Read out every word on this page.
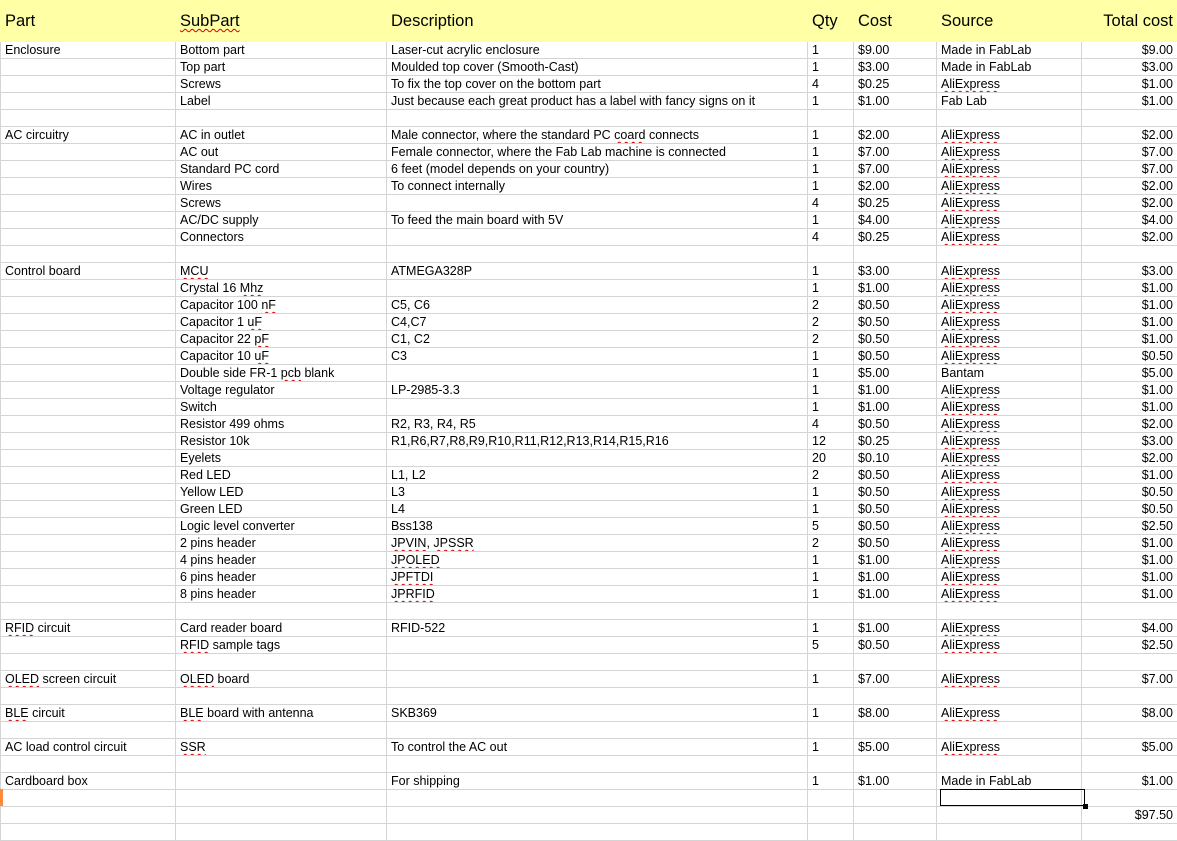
Part	SubPart	Description	Qty	Cost	Source	Total cost
Enclosure	Bottom part	Laser-cut acrylic enclosure	1	$9.00	Made in FabLab	$9.00
	Top part	Moulded top cover (Smooth-Cast)	1	$3.00	Made in FabLab	$3.00
	Screws	To fix the top cover on the bottom part	4	$0.25	AliExpress	$1.00
	Label	Just because each great product has a label with fancy signs on it	1	$1.00	Fab Lab	$1.00

AC circuitry	AC in outlet	Male connector, where the standard PC coard connects	1	$2.00	AliExpress	$2.00
	AC out	Female connector, where the Fab Lab machine is connected	1	$7.00	AliExpress	$7.00
	Standard PC cord	6 feet (model depends on your country)	1	$7.00	AliExpress	$7.00
	Wires	To connect internally	1	$2.00	AliExpress	$2.00
	Screws		4	$0.25	AliExpress	$2.00
	AC/DC supply	To feed the main board with 5V	1	$4.00	AliExpress	$4.00
	Connectors		4	$0.25	AliExpress	$2.00

Control board	MCU	ATMEGA328P	1	$3.00	AliExpress	$3.00
	Crystal 16 Mhz		1	$1.00	AliExpress	$1.00
	Capacitor 100 nF	C5, C6	2	$0.50	AliExpress	$1.00
	Capacitor 1 uF	C4,C7	2	$0.50	AliExpress	$1.00
	Capacitor 22 pF	C1, C2	2	$0.50	AliExpress	$1.00
	Capacitor 10 uF	C3	1	$0.50	AliExpress	$0.50
	Double side FR-1 pcb blank		1	$5.00	Bantam	$5.00
	Voltage regulator	LP-2985-3.3	1	$1.00	AliExpress	$1.00
	Switch		1	$1.00	AliExpress	$1.00
	Resistor 499 ohms	R2, R3, R4, R5	4	$0.50	AliExpress	$2.00
	Resistor 10k	R1,R6,R7,R8,R9,R10,R11,R12,R13,R14,R15,R16	12	$0.25	AliExpress	$3.00
	Eyelets		20	$0.10	AliExpress	$2.00
	Red LED	L1, L2	2	$0.50	AliExpress	$1.00
	Yellow LED	L3	1	$0.50	AliExpress	$0.50
	Green LED	L4	1	$0.50	AliExpress	$0.50
	Logic level converter	Bss138	5	$0.50	AliExpress	$2.50
	2 pins header	JPVIN, JPSSR	2	$0.50	AliExpress	$1.00
	4 pins header	JPOLED	1	$1.00	AliExpress	$1.00
	6 pins header	JPFTDI	1	$1.00	AliExpress	$1.00
	8 pins header	JPRFID	1	$1.00	AliExpress	$1.00

RFID circuit	Card reader board	RFID-522	1	$1.00	AliExpress	$4.00
	RFID sample tags		5	$0.50	AliExpress	$2.50

OLED screen circuit	OLED board		1	$7.00	AliExpress	$7.00

BLE circuit	BLE board with antenna	SKB369	1	$8.00	AliExpress	$8.00

AC load control circuit	SSR	To control the AC out	1	$5.00	AliExpress	$5.00

Cardboard box		For shipping	1	$1.00	Made in FabLab	$1.00

						$97.50
